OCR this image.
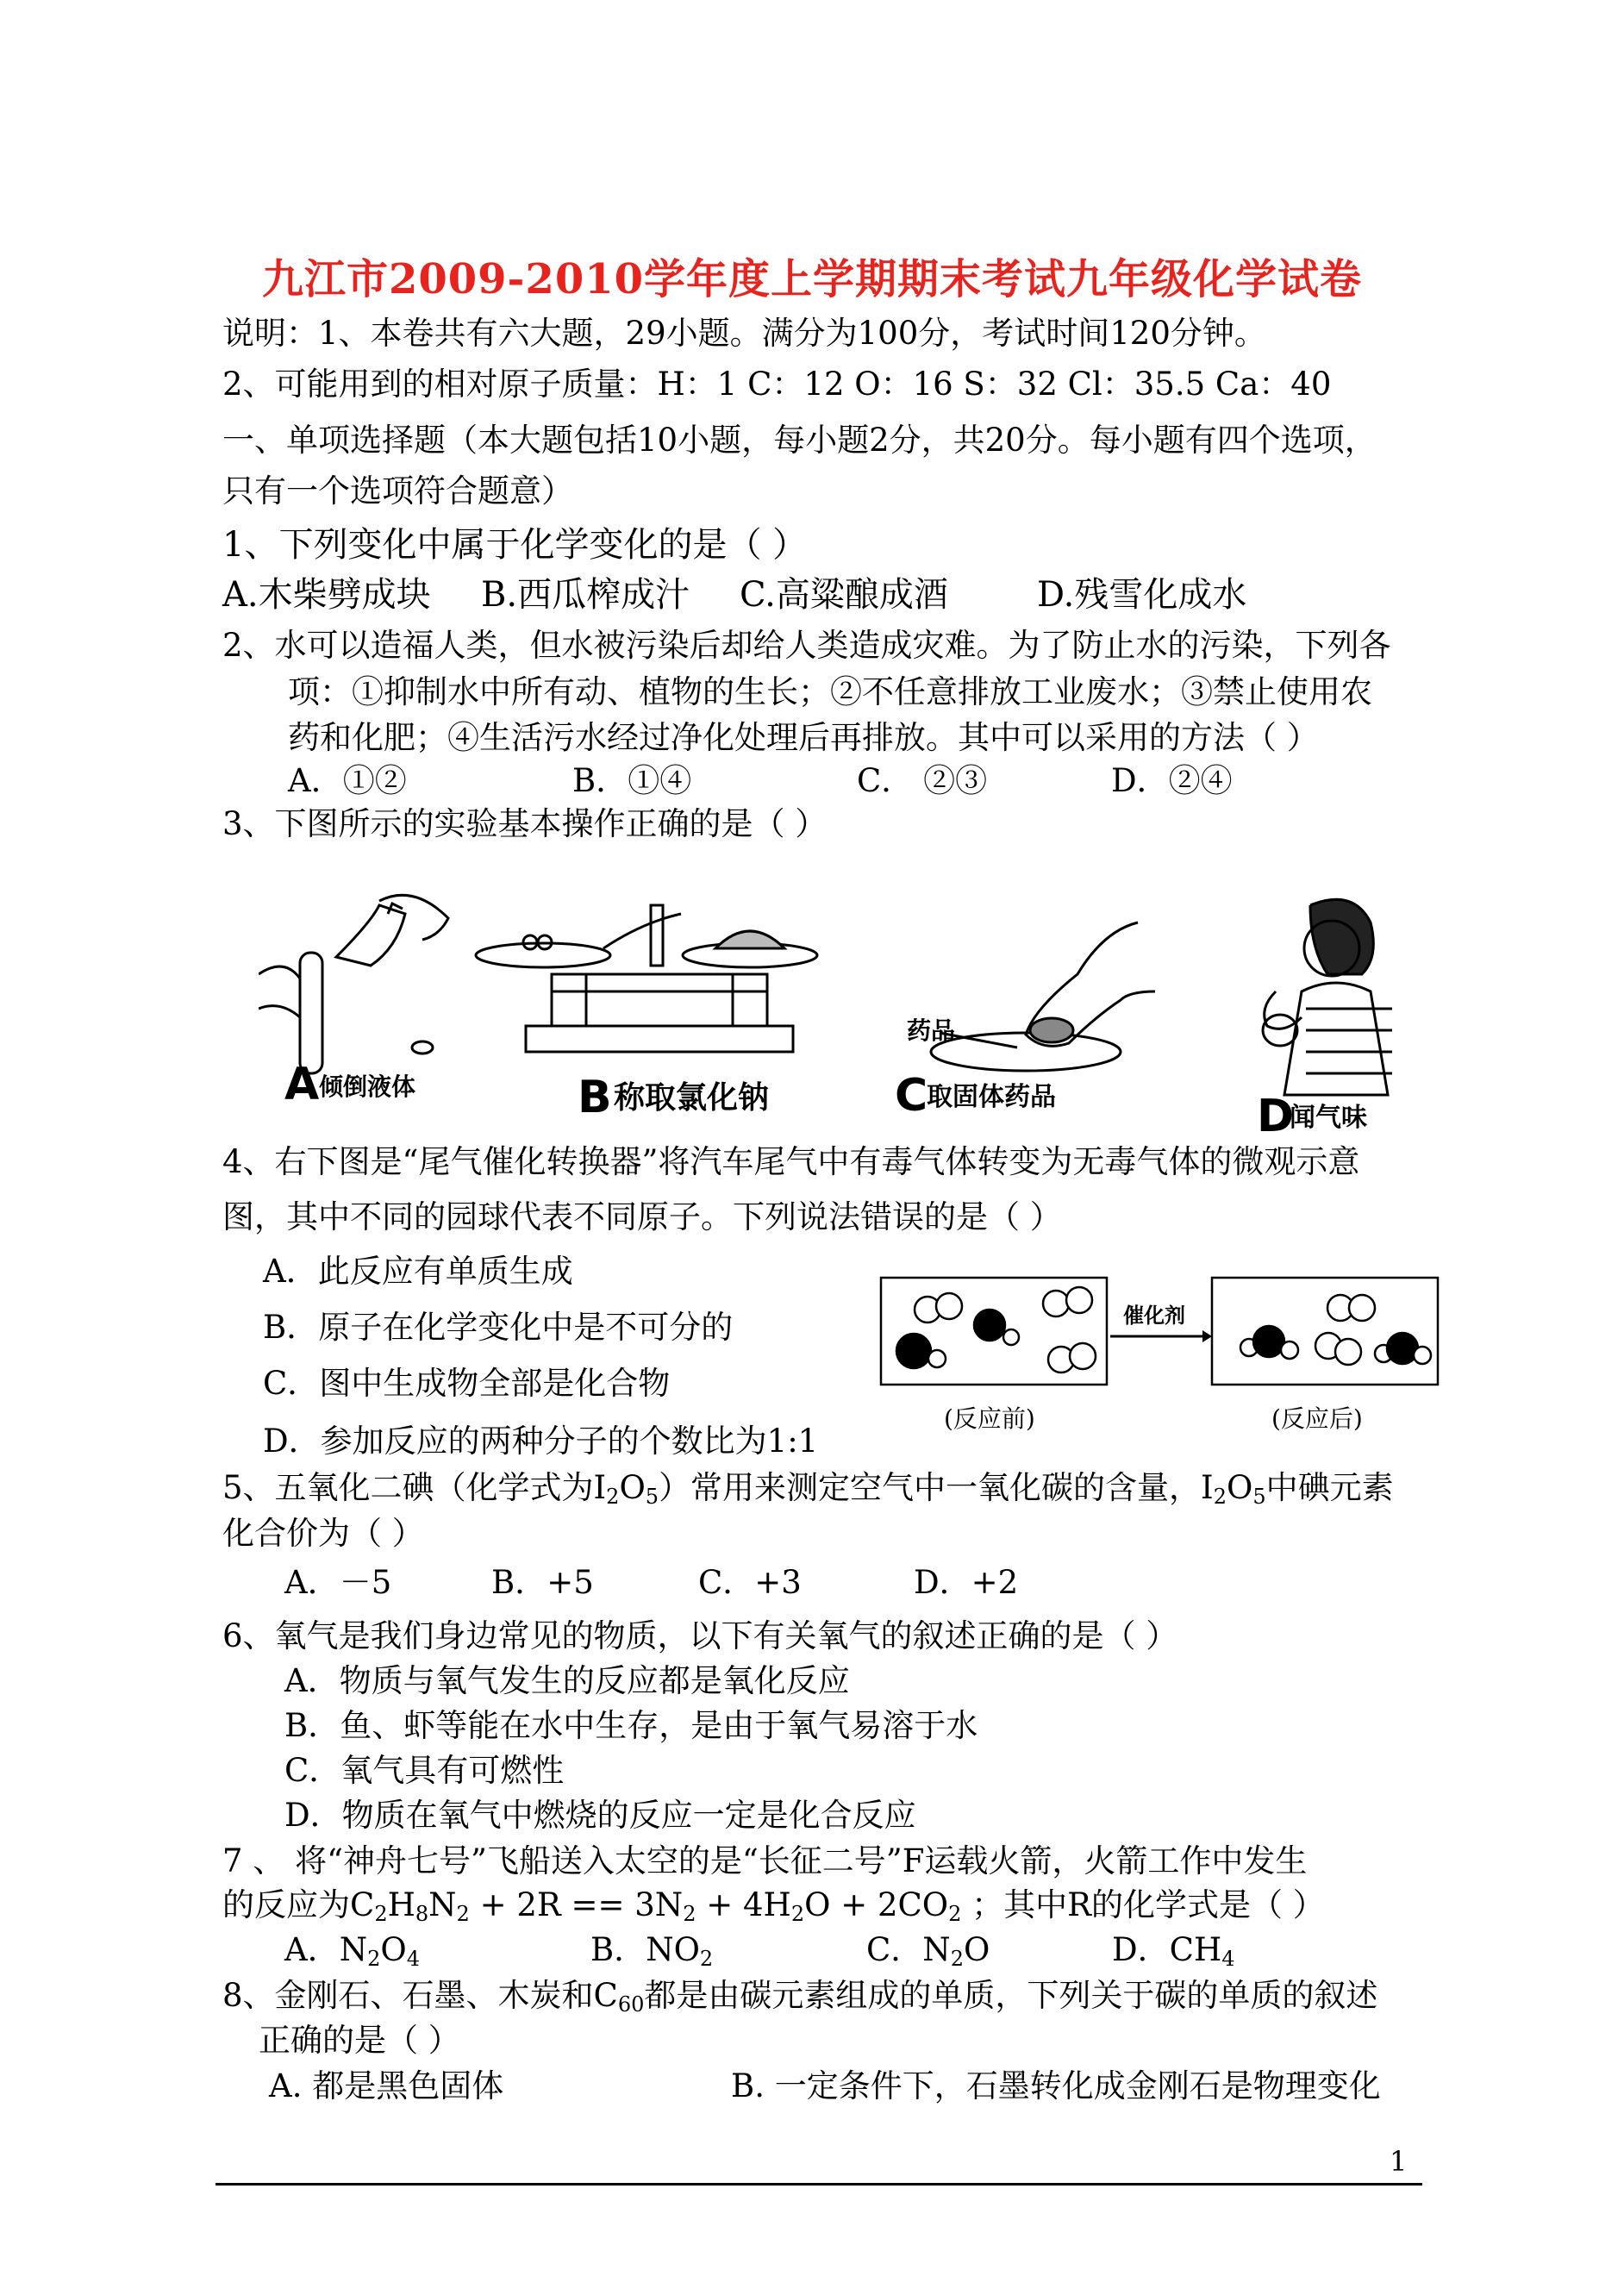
九江市2009-2010学年度上学期期末考试九年级化学试卷
说明：1、本卷共有六大题，29小题。满分为100分，考试时间120分钟。
2、可能用到的相对原子质量：H：1 C：12 O：16 S：32 Cl：35.5 Ca：40
一、单项选择题（本大题包括10小题，每小题2分，共20分。每小题有四个选项，
只有一个选项符合题意）
1、下列变化中属于化学变化的是（ ）
A.木柴劈成块 B.西瓜榨成汁 C.高粱酿成酒	D.残雪化成水
2、水可以造福人类，但水被污染后却给人类造成灾难。为了防止水的污染，下列各
项：①抑制水中所有动、植物的生长；②不任意排放工业废水；③禁止使用农
药和化肥；④生活污水经过净化处理后再排放。其中可以采用的方法（ ）
A．①②	B．①④	C． ②③	D．②④
3、下图所示的实验基本操作正确的是（ ）
A 倾倒液体	B 称取氯化钠
药品
C
取固体药品	D
闻气味
4、右下图是“尾气催化转换器”将汽车尾气中有毒气体转变为无毒气体的微观示意
图，其中不同的园球代表不同原子。下列说法错误的是（ ）
A．此反应有单质生成
B．原子在化学变化中是不可分的
C．图中生成物全部是化合物
D．参加反应的两种分子的个数比为1:1
催化剂
(反应前)	(反应后)
5、五氧化二碘（化学式为$I_2O_5$）常用来测定空气中一氧化碳的含量，$I_2O_5$中碘元素
化合价为（ ）
A．－5	B．+5	C．+3	D．+2
6、氧气是我们身边常见的物质，以下有关氧气的叙述正确的是（ ）
A．物质与氧气发生的反应都是氧化反应
B．鱼、虾等能在水中生存，是由于氧气易溶于水
C．氧气具有可燃性
D．物质在氧气中燃烧的反应一定是化合反应
7 、 将“神舟七号”飞船送入太空的是“长征二号”F运载火箭，火箭工作中发生
的反应为$C_2H_8N_2 + 2R == 3N_2 + 4H_2O + 2CO_2$ ；其中R的化学式是（ ）
A．$N_2O_4$	B．$NO_2$	C．$N_2O$	D．$CH_4$
8、金刚石、石墨、木炭和$C_{60}$都是由碳元素组成的单质，下列关于碳的单质的叙述
正确的是（ ）
A. 都是黑色固体	B. 一定条件下，石墨转化成金刚石是物理变化
1
